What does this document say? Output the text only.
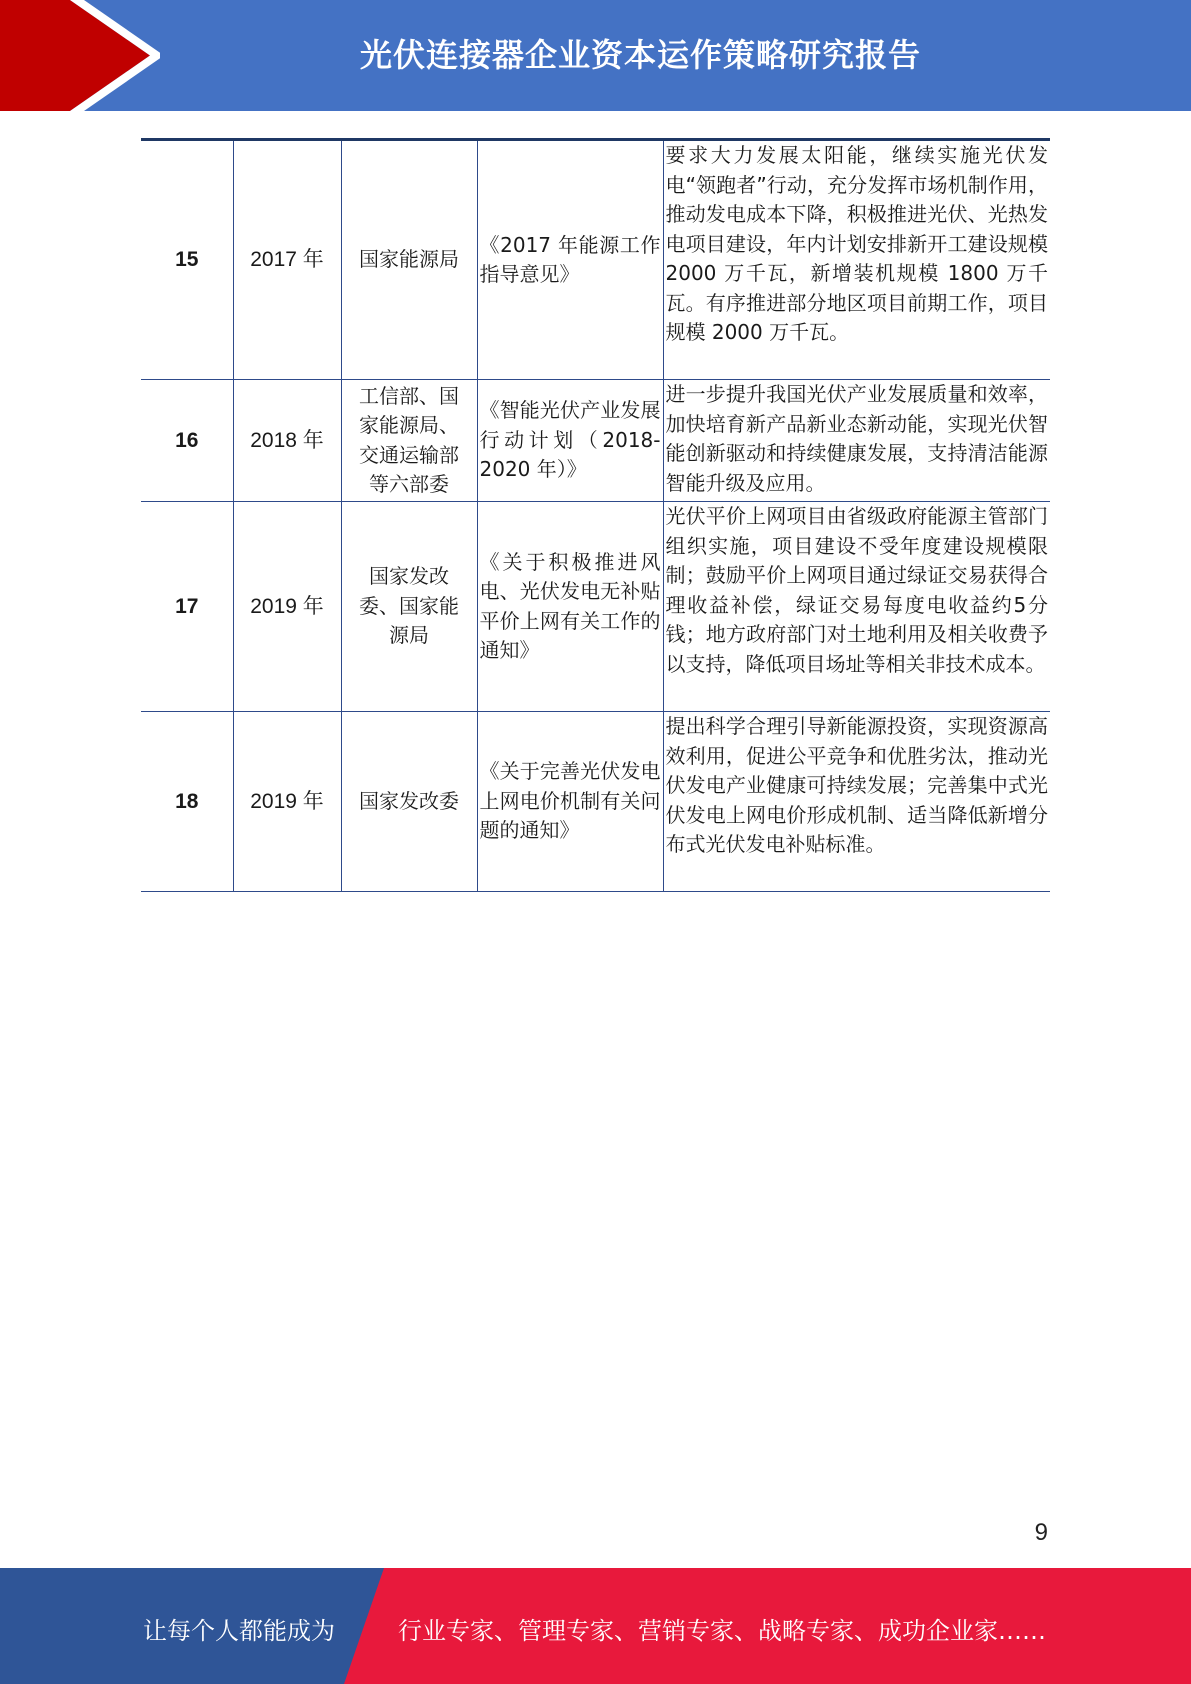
光伏连接器企业资本运作策略研究报告
15	2017 年	国家能源局	《2017 年能源工作指导意见》	要求大力发展太阳能，继续实施光伏发电“领跑者”行动，充分发挥市场机制作用，推动发电成本下降，积极推进光伏、光热发电项目建设，年内计划安排新开工建设规模 2000 万千瓦，新增装机规模 1800 万千瓦。有序推进部分地区项目前期工作，项目规模 2000 万千瓦。
16	2018 年	工信部、国家能源局、交通运输部等六部委	《智能光伏产业发展行动计划（2018-2020 年）》	进一步提升我国光伏产业发展质量和效率，加快培育新产品新业态新动能，实现光伏智能创新驱动和持续健康发展，支持清洁能源智能升级及应用。
17	2019 年	国家发改委、国家能源局	《关于积极推进风电、光伏发电无补贴平价上网有关工作的通知》	光伏平价上网项目由省级政府能源主管部门组织实施，项目建设不受年度建设规模限制；鼓励平价上网项目通过绿证交易获得合理收益补偿，绿证交易每度电收益约5分钱；地方政府部门对土地利用及相关收费予以支持，降低项目场址等相关非技术成本。
18	2019 年	国家发改委	《关于完善光伏发电上网电价机制有关问题的通知》	提出科学合理引导新能源投资，实现资源高效利用，促进公平竞争和优胜劣汰，推动光伏发电产业健康可持续发展；完善集中式光伏发电上网电价形成机制、适当降低新增分布式光伏发电补贴标准。
9
让每个人都能成为	行业专家、管理专家、营销专家、战略专家、成功企业家……
